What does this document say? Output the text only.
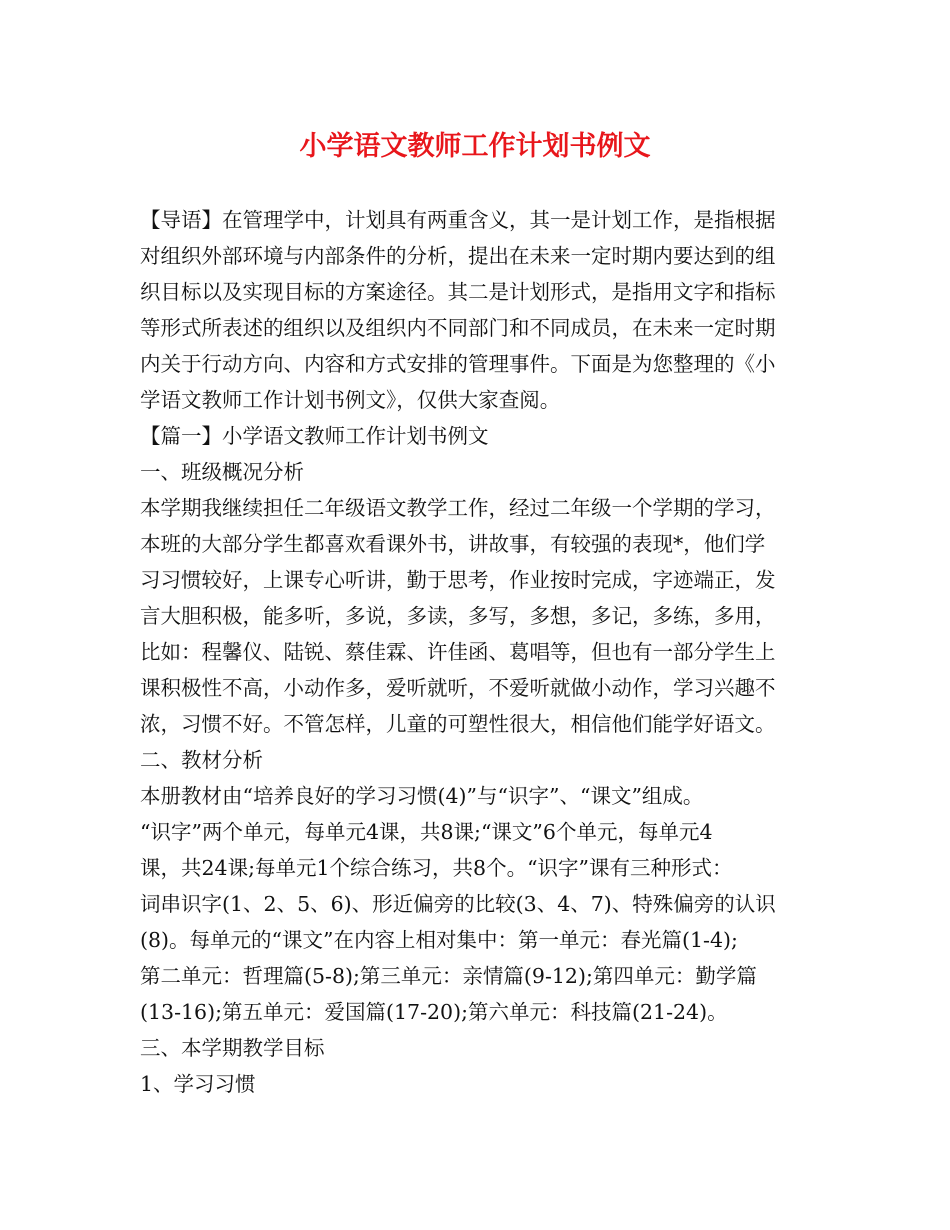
小学语文教师工作计划书例文
【导语】在管理学中，计划具有两重含义，其一是计划工作，是指根据
对组织外部环境与内部条件的分析，提出在未来一定时期内要达到的组
织目标以及实现目标的方案途径。其二是计划形式，是指用文字和指标
等形式所表述的组织以及组织内不同部门和不同成员，在未来一定时期
内关于行动方向、内容和方式安排的管理事件。下面是为您整理的《小
学语文教师工作计划书例文》，仅供大家查阅。
【篇一】小学语文教师工作计划书例文
一、班级概况分析
本学期我继续担任二年级语文教学工作，经过二年级一个学期的学习，
本班的大部分学生都喜欢看课外书，讲故事，有较强的表现*，他们学
习习惯较好，上课专心听讲，勤于思考，作业按时完成，字迹端正，发
言大胆积极，能多听，多说，多读，多写，多想，多记，多练，多用，
比如：程馨仪、陆锐、蔡佳霖、许佳函、葛唱等，但也有一部分学生上
课积极性不高，小动作多，爱听就听，不爱听就做小动作，学习兴趣不
浓，习惯不好。不管怎样，儿童的可塑性很大，相信他们能学好语文。
二、教材分析
本册教材由“培养良好的学习习惯(4)”与“识字”、“课文”组成。
“识字”两个单元，每单元4课，共8课;“课文”6个单元，每单元4
课，共24课;每单元1个综合练习，共8个。“识字”课有三种形式：
词串识字(1、2、5、6)、形近偏旁的比较(3、4、7)、特殊偏旁的认识
(8)。每单元的“课文”在内容上相对集中：第一单元：春光篇(1-4);
第二单元：哲理篇(5-8);第三单元：亲情篇(9-12);第四单元：勤学篇
(13-16);第五单元：爱国篇(17-20);第六单元：科技篇(21-24)。
三、本学期教学目标
1、学习习惯
